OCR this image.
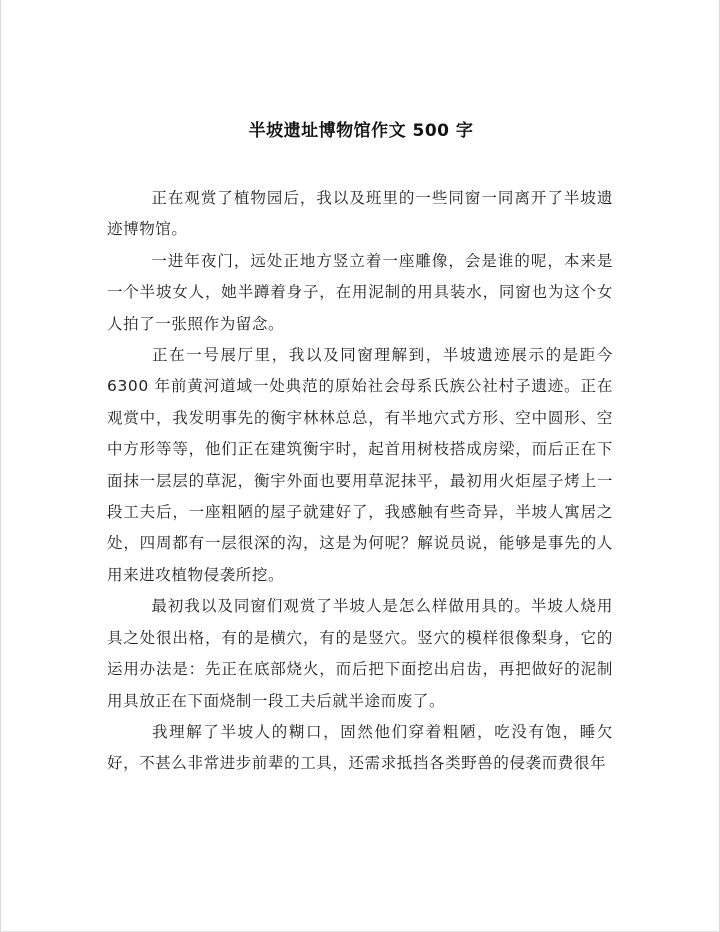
半坡遗址博物馆作文 500 字

正在观赏了植物园后，我以及班里的一些同窗一同离开了半坡遗迹博物馆。

一进年夜门，远处正地方竖立着一座雕像，会是谁的呢，本来是一个半坡女人，她半蹲着身子，在用泥制的用具装水，同窗也为这个女人拍了一张照作为留念。

正在一号展厅里，我以及同窗理解到，半坡遗迹展示的是距今 6300 年前黄河道域一处典范的原始社会母系氏族公社村子遗迹。正在观赏中，我发明事先的衡宇林林总总，有半地穴式方形、空中圆形、空中方形等等，他们正在建筑衡宇时，起首用树枝搭成房梁，而后正在下面抹一层层的草泥，衡宇外面也要用草泥抹平，最初用火炬屋子烤上一段工夫后，一座粗陋的屋子就建好了，我感触有些奇异，半坡人寓居之处，四周都有一层很深的沟，这是为何呢？解说员说，能够是事先的人用来进攻植物侵袭所挖。

最初我以及同窗们观赏了半坡人是怎么样做用具的。半坡人烧用具之处很出格，有的是横穴，有的是竖穴。竖穴的模样很像梨身，它的运用办法是：先正在底部烧火，而后把下面挖出启齿，再把做好的泥制用具放正在下面烧制一段工夫后就半途而废了。

我理解了半坡人的糊口，固然他们穿着粗陋，吃没有饱，睡欠好，不甚么非常进步前辈的工具，还需求抵挡各类野兽的侵袭而费很年
